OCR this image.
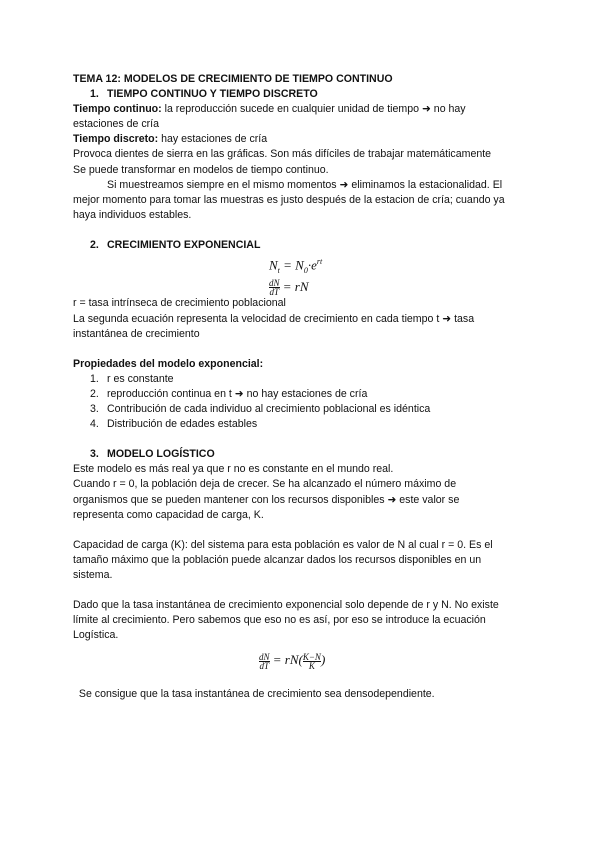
TEMA 12: MODELOS DE CRECIMIENTO DE TIEMPO CONTINUO
1. TIEMPO CONTINUO Y TIEMPO DISCRETO
Tiempo continuo: la reproducción sucede en cualquier unidad de tiempo ➜ no hay
estaciones de cría
Tiempo discreto: hay estaciones de cría
Provoca dientes de sierra en las gráficas. Son más difíciles de trabajar matemáticamente
Se puede transformar en modelos de tiempo continuo.
Si muestreamos siempre en el mismo momentos ➜ eliminamos la estacionalidad. El
mejor momento para tomar las muestras es justo después de la estacion de cría; cuando ya
haya individuos estables.
2. CRECIMIENTO EXPONENCIAL
$N_t = N_0\cdot e^{rt}$
$\frac{dN}{dT}$ = rN
r = tasa intrínseca de crecimiento poblacional
La segunda ecuación representa la velocidad de crecimiento en cada tiempo t ➜ tasa
instantánea de crecimiento
Propiedades del modelo exponencial:
1. r es constante
2. reproducción continua en t ➜ no hay estaciones de cría
3. Contribución de cada individuo al crecimiento poblacional es idéntica
4. Distribución de edades estables
3. MODELO LOGÍSTICO
Este modelo es más real ya que r no es constante en el mundo real.
Cuando r = 0, la población deja de crecer. Se ha alcanzado el número máximo de
organismos que se pueden mantener con los recursos disponibles ➜ este valor se
representa como capacidad de carga, K.
Capacidad de carga (K): del sistema para esta población es valor de N al cual r = 0. Es el
tamaño máximo que la población puede alcanzar dados los recursos disponibles en un
sistema.
Dado que la tasa instantánea de crecimiento exponencial solo depende de r y N. No existe
límite al crecimiento. Pero sabemos que eso no es así, por eso se introduce la ecuación
Logística.
$\frac{dN}{dT} = rN( \frac{K-N}{K}$ )
Se consigue que la tasa instantánea de crecimiento sea densodependiente.
